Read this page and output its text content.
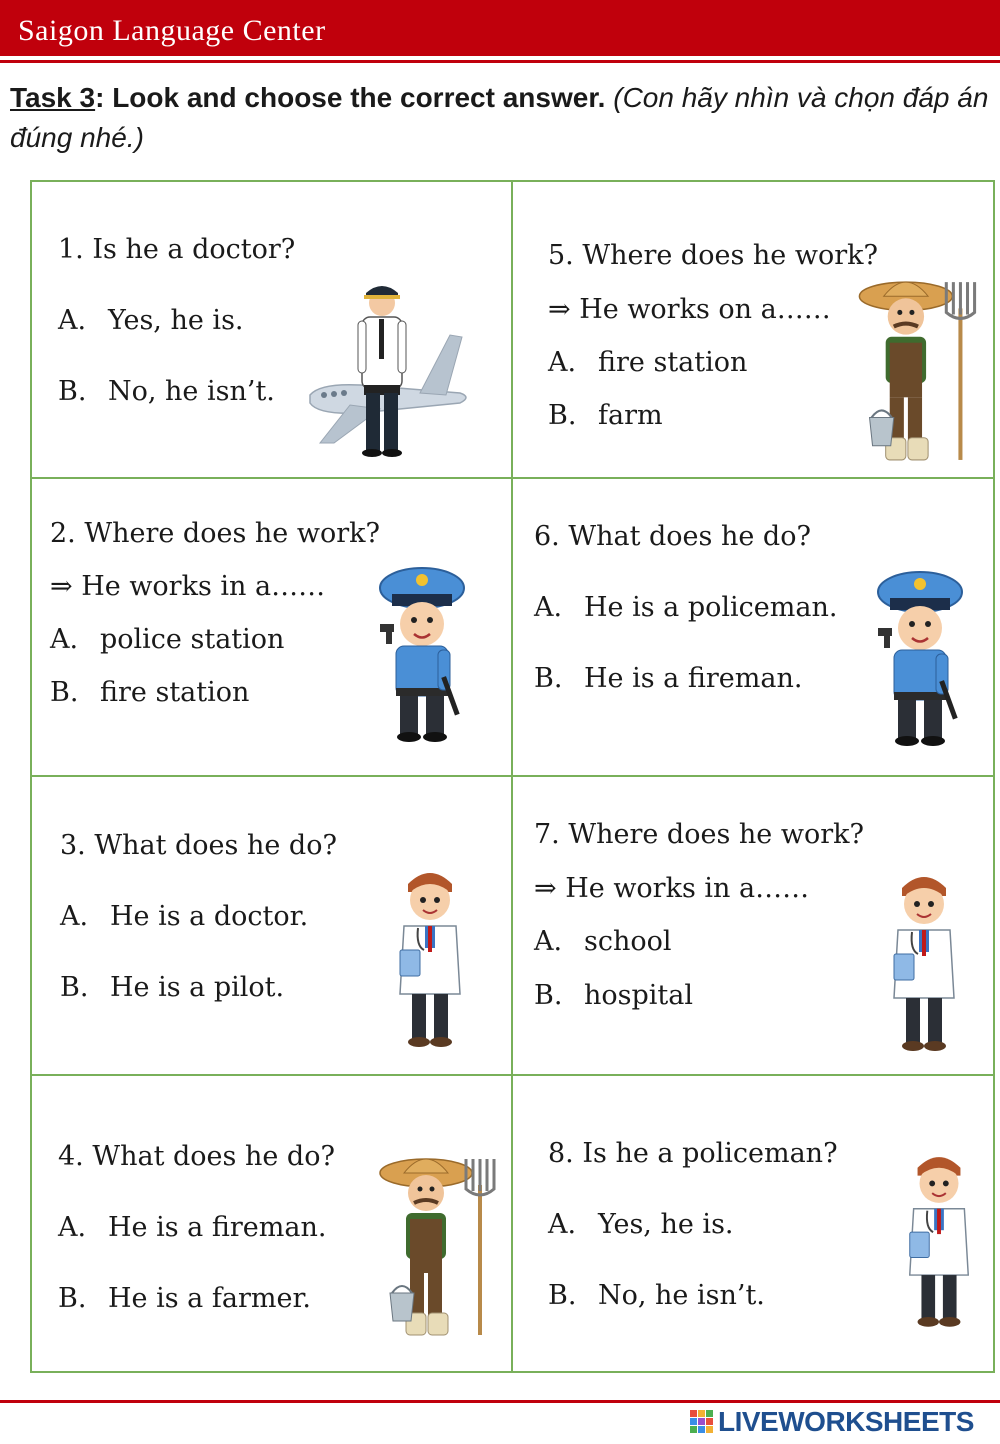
Saigon Language Center
Task 3: Look and choose the correct answer. (Con hãy nhìn và chọn đáp án đúng nhé.)
1. Is he a doctor?
A. Yes, he is.
B. No, he isn’t.
2. Where does he work?
⇒ He works in a……
A. police station
B. fire station
3. What does he do?
A. He is a doctor.
B. He is a pilot.
4. What does he do?
A. He is a fireman.
B. He is a farmer.
5. Where does he work?
⇒ He works on a……
A. fire station
B. farm
6. What does he do?
A. He is a policeman.
B. He is a fireman.
7. Where does he work?
⇒ He works in a……
A. school
B. hospital
8. Is he a policeman?
A. Yes, he is.
B. No, he isn’t.
LIVEWORKSHEETS
